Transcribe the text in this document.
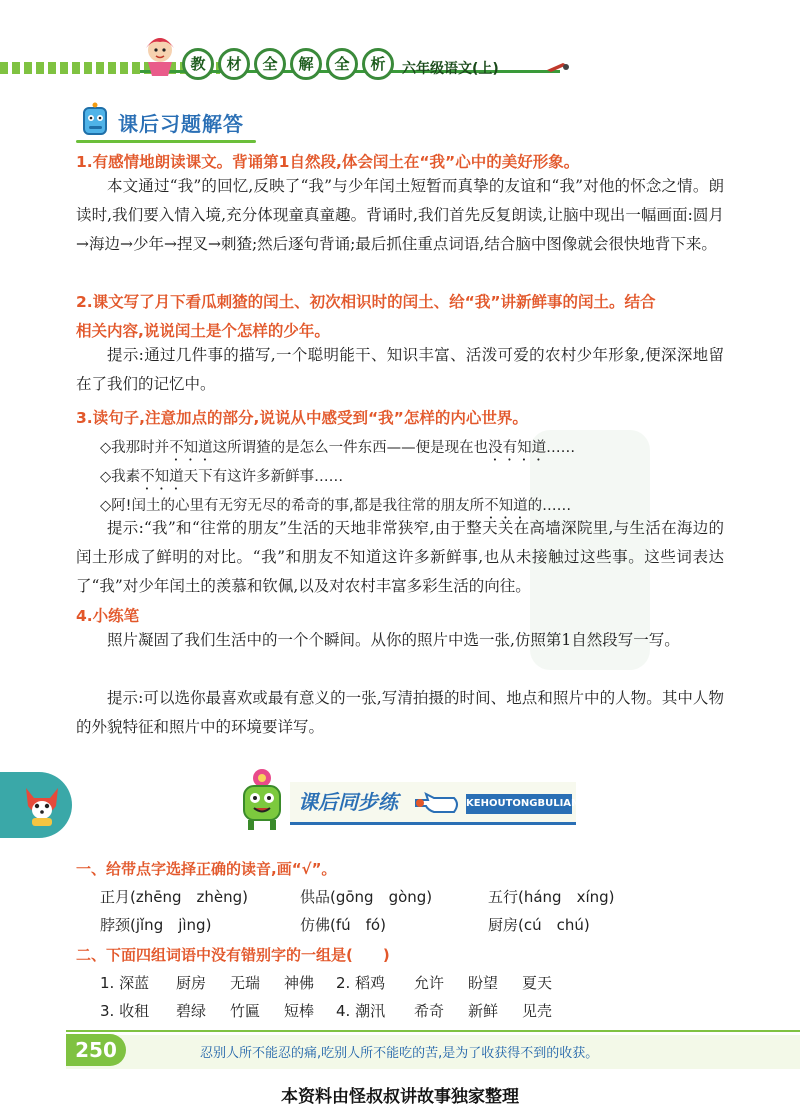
教	材	全	解	全	析	六年级语文(上)
课后习题解答
1.有感情地朗读课文。背诵第1自然段,体会闰土在“我”心中的美好形象。
本文通过“我”的回忆,反映了“我”与少年闰土短暂而真挚的友谊和“我”对他的怀念之情。朗读时,我们要入情入境,充分体现童真童趣。背诵时,我们首先反复朗读,让脑中现出一幅画面:圆月→海边→少年→捏叉→刺猹;然后逐句背诵;最后抓住重点词语,结合脑中图像就会很快地背下来。
2.课文写了月下看瓜刺猹的闰土、初次相识时的闰土、给“我”讲新鲜事的闰土。结合
相关内容,说说闰土是个怎样的少年。
提示:通过几件事的描写,一个聪明能干、知识丰富、活泼可爱的农村少年形象,便深深地留在了我们的记忆中。
3.读句子,注意加点的部分,说说从中感受到“我”怎样的内心世界。
◇我那时并不知道这所谓猹的是怎么一件东西——便是现在也没有知道……
◇我素不知道天下有这许多新鲜事……
◇阿!闰土的心里有无穷无尽的希奇的事,都是我往常的朋友所不知道的……
提示:“我”和“往常的朋友”生活的天地非常狭窄,由于整天关在高墙深院里,与生活在海边的闰土形成了鲜明的对比。“我”和朋友不知道这许多新鲜事,也从未接触过这些事。这些词表达了“我”对少年闰土的羡慕和钦佩,以及对农村丰富多彩生活的向往。
4.小练笔
照片凝固了我们生活中的一个个瞬间。从你的照片中选一张,仿照第1自然段写一写。
提示:可以选你最喜欢或最有意义的一张,写清拍摄的时间、地点和照片中的人物。其中人物的外貌特征和照片中的环境要详写。
课后同步练	KEHOUTONGBULIAN
一、给带点字选择正确的读音,画“√”。
正月(zhēng　zhèng)	供品(gōng　gòng)	五行(háng　xíng)
脖颈(jǐng　jìng)	仿佛(fú　fó)	厨房(cú　chú)
二、下面四组词语中没有错别字的一组是(　　)
1. 深蓝 厨房 无瑞 神佛 2. 稻鸡 允许 盼望 夏天
3. 收租 碧绿 竹匾 短棒 4. 潮汛 希奇 新鲜 见壳
250	忍别人所不能忍的痛,吃别人所不能吃的苦,是为了收获得不到的收获。
本资料由怪叔叔讲故事独家整理
